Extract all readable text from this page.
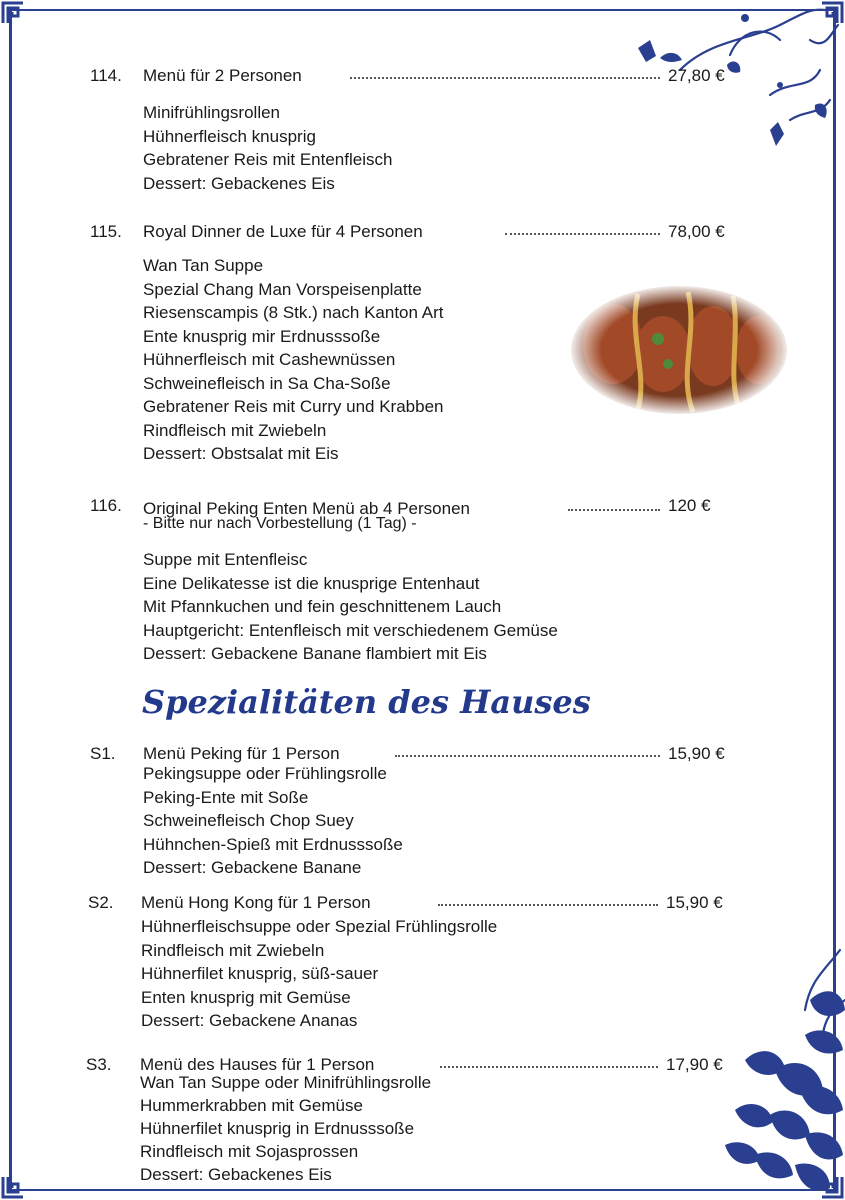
114. Menü für 2 Personen	27,80 €
Minifrühlingsrollen
Hühnerfleisch knusprig
Gebratener Reis mit Entenfleisch
Dessert: Gebackenes Eis
115. Royal Dinner de Luxe für 4 Personen	78,00 €
Wan Tan Suppe
Spezial Chang Man Vorspeisenplatte
Riesenscampis (8 Stk.) nach Kanton Art
Ente knusprig mir Erdnusssoße
Hühnerfleisch mit Cashewnüssen
Schweinefleisch in Sa Cha-Soße
Gebratener Reis mit Curry und Krabben
Rindfleisch mit Zwiebeln
Dessert: Obstsalat mit Eis
116. Original Peking Enten Menü ab 4 Personen	120 €
- Bitte nur nach Vorbestellung (1 Tag) -
Suppe mit Entenfleisc
Eine Delikatesse ist die knusprige Entenhaut
Mit Pfannkuchen und fein geschnittenem Lauch
Hauptgericht: Entenfleisch mit verschiedenem Gemüse
Dessert: Gebackene Banane flambiert mit Eis
Spezialitäten des Hauses
S1. Menü Peking für 1 Person	15,90 €
Pekingsuppe oder Frühlingsrolle
Peking-Ente mit Soße
Schweinefleisch Chop Suey
Hühnchen-Spieß mit Erdnusssoße
Dessert: Gebackene Banane
S2. Menü Hong Kong für 1 Person	15,90 €
Hühnerfleischsuppe oder Spezial Frühlingsrolle
Rindfleisch mit Zwiebeln
Hühnerfilet knusprig, süß-sauer
Enten knusprig mit Gemüse
Dessert: Gebackene Ananas
S3. Menü des Hauses für 1 Person	17,90 €
Wan Tan Suppe oder Minifrühlingsrolle
Hummerkrabben mit Gemüse
Hühnerfilet knusprig in Erdnusssoße
Rindfleisch mit Sojasprossen
Dessert: Gebackenes Eis
